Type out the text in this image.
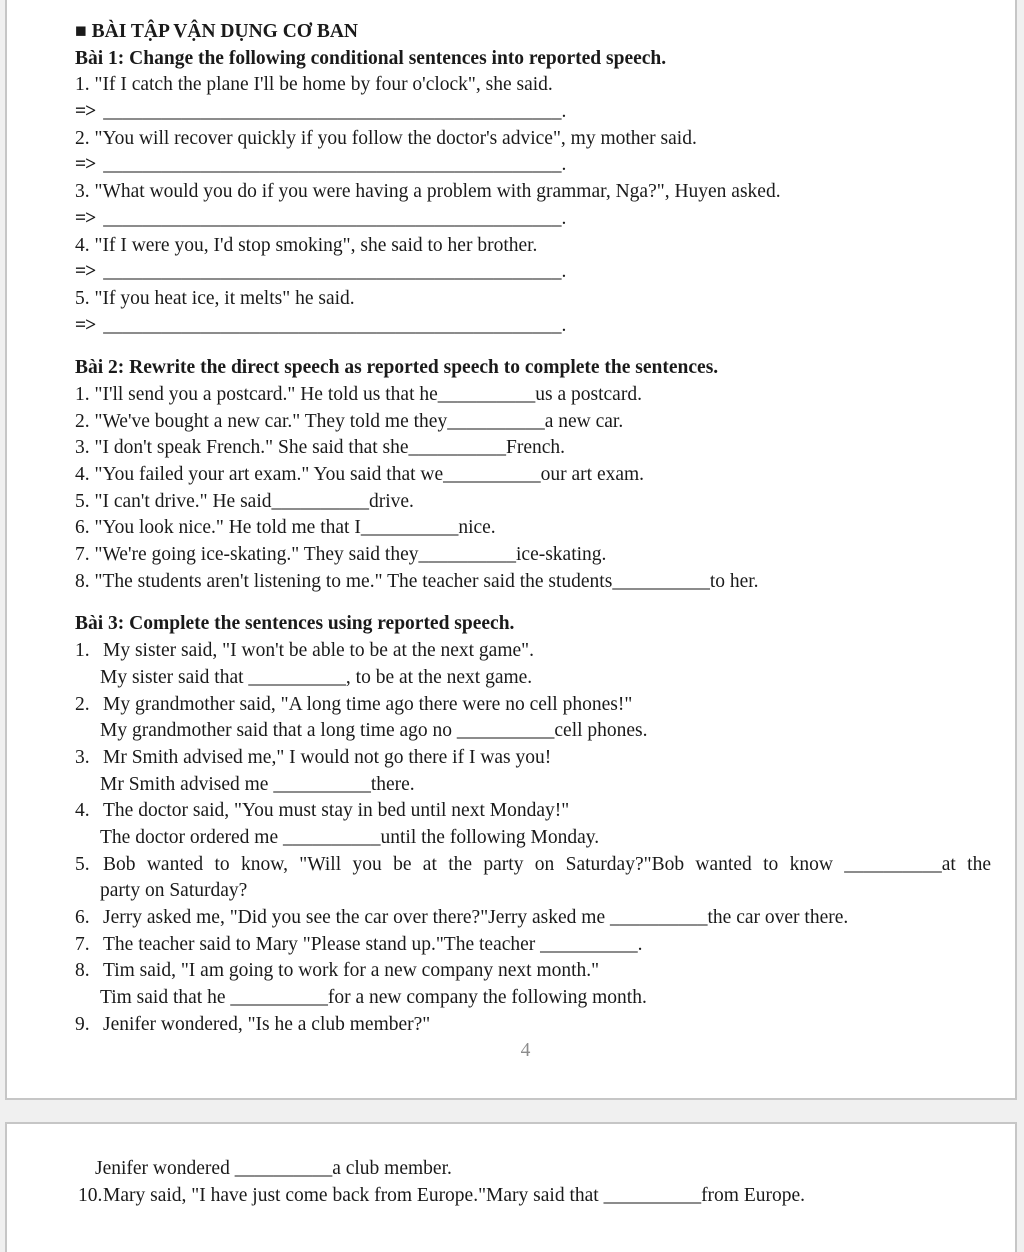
■ BÀI TẬP VẬN DỤNG CƠ BAN
Bài 1: Change the following conditional sentences into reported speech.
1. "If I catch the plane I'll be home by four o'clock", she said.
=> _______________________________________________.
2. "You will recover quickly if you follow the doctor's advice", my mother said.
=> _______________________________________________.
3. "What would you do if you were having a problem with grammar, Nga?", Huyen asked.
=> _______________________________________________.
4. "If I were you, I'd stop smoking", she said to her brother.
=> _______________________________________________.
5. "If you heat ice, it melts" he said.
=> _______________________________________________.
Bài 2: Rewrite the direct speech as reported speech to complete the sentences.
1. "I'll send you a postcard." He told us that he__________us a postcard.
2. "We've bought a new car." They told me they__________a new car.
3. "I don't speak French." She said that she__________French.
4. "You failed your art exam." You said that we__________our art exam.
5. "I can't drive." He said__________drive.
6. "You look nice." He told me that I__________nice.
7. "We're going ice-skating." They said they__________ice-skating.
8. "The students aren't listening to me." The teacher said the students__________to her.
Bài 3: Complete the sentences using reported speech.
1. My sister said, "I won't be able to be at the next game".
My sister said that __________, to be at the next game.
2. My grandmother said, "A long time ago there were no cell phones!"
My grandmother said that a long time ago no __________cell phones.
3. Mr Smith advised me," I would not go there if I was you!
Mr Smith advised me __________there.
4. The doctor said, "You must stay in bed until next Monday!"
The doctor ordered me __________until the following Monday.
5. Bob wanted to know, "Will you be at the party on Saturday?"Bob wanted to know __________at the
party on Saturday?
6. Jerry asked me, "Did you see the car over there?"Jerry asked me __________the car over there.
7. The teacher said to Mary "Please stand up."The teacher __________.
8. Tim said, "I am going to work for a new company next month."
Tim said that he __________for a new company the following month.
9. Jenifer wondered, "Is he a club member?"
4
Jenifer wondered __________a club member.
10.Mary said, "I have just come back from Europe."Mary said that __________from Europe.
